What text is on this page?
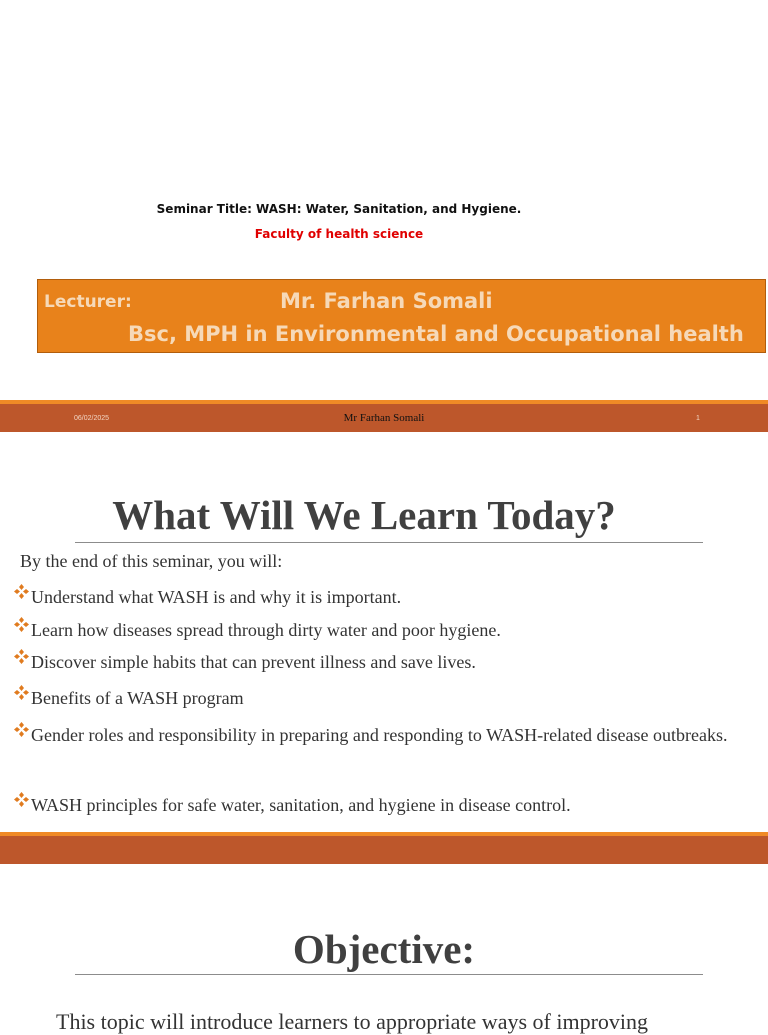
Seminar Title: WASH: Water, Sanitation, and Hygiene.
Faculty of health science
Lecturer:	Mr. Farhan Somali
Bsc, MPH in Environmental and Occupational health
06/02/2025	Mr Farhan Somali	1
What Will We Learn Today?
By the end of this seminar, you will:
Understand what WASH is and why it is important.
Learn how diseases spread through dirty water and poor hygiene.
Discover simple habits that can prevent illness and save lives.
Benefits of a WASH program
Gender roles and responsibility in preparing and responding to WASH-related disease outbreaks.
WASH principles for safe water, sanitation, and hygiene in disease control.
Objective:
This topic will introduce learners to appropriate ways of improving
